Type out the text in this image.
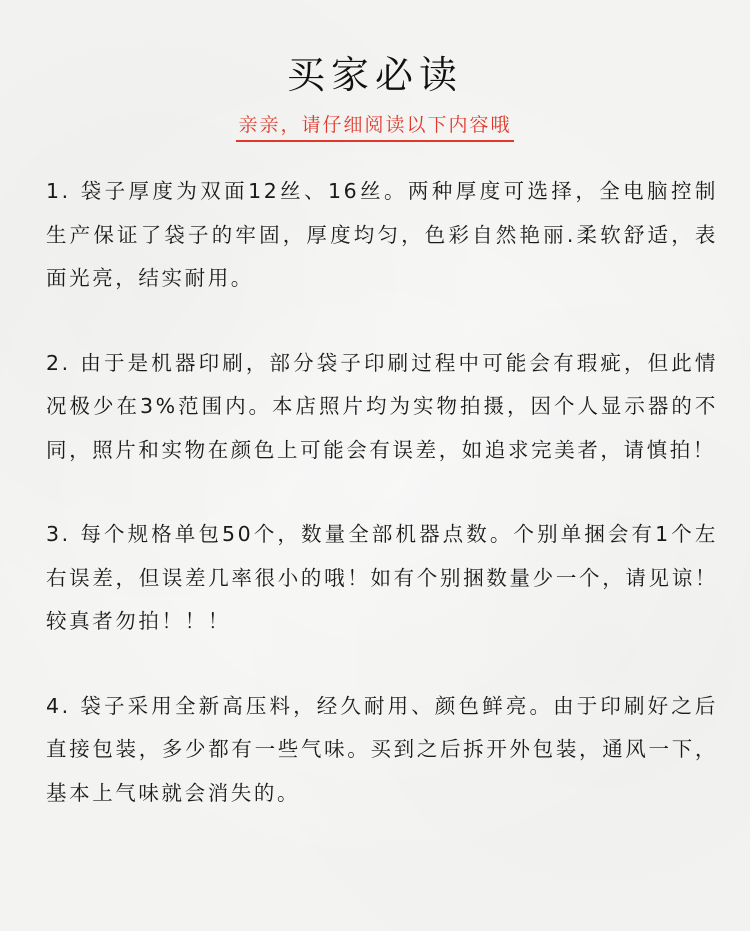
买家必读
亲亲，请仔细阅读以下内容哦

1. 袋子厚度为双面12丝、16丝。两种厚度可选择，全电脑控制生产保证了袋子的牢固，厚度均匀，色彩自然艳丽.柔软舒适，表面光亮，结实耐用。

2. 由于是机器印刷，部分袋子印刷过程中可能会有瑕疵，但此情况极少在3%范围内。本店照片均为实物拍摄，因个人显示器的不同，照片和实物在颜色上可能会有误差，如追求完美者，请慎拍！

3. 每个规格单包50个，数量全部机器点数。个别单捆会有1个左右误差，但误差几率很小的哦！如有个别捆数量少一个，请见谅！较真者勿拍！！！

4. 袋子采用全新高压料，经久耐用、颜色鲜亮。由于印刷好之后直接包装，多少都有一些气味。买到之后拆开外包装，通风一下，基本上气味就会消失的。
